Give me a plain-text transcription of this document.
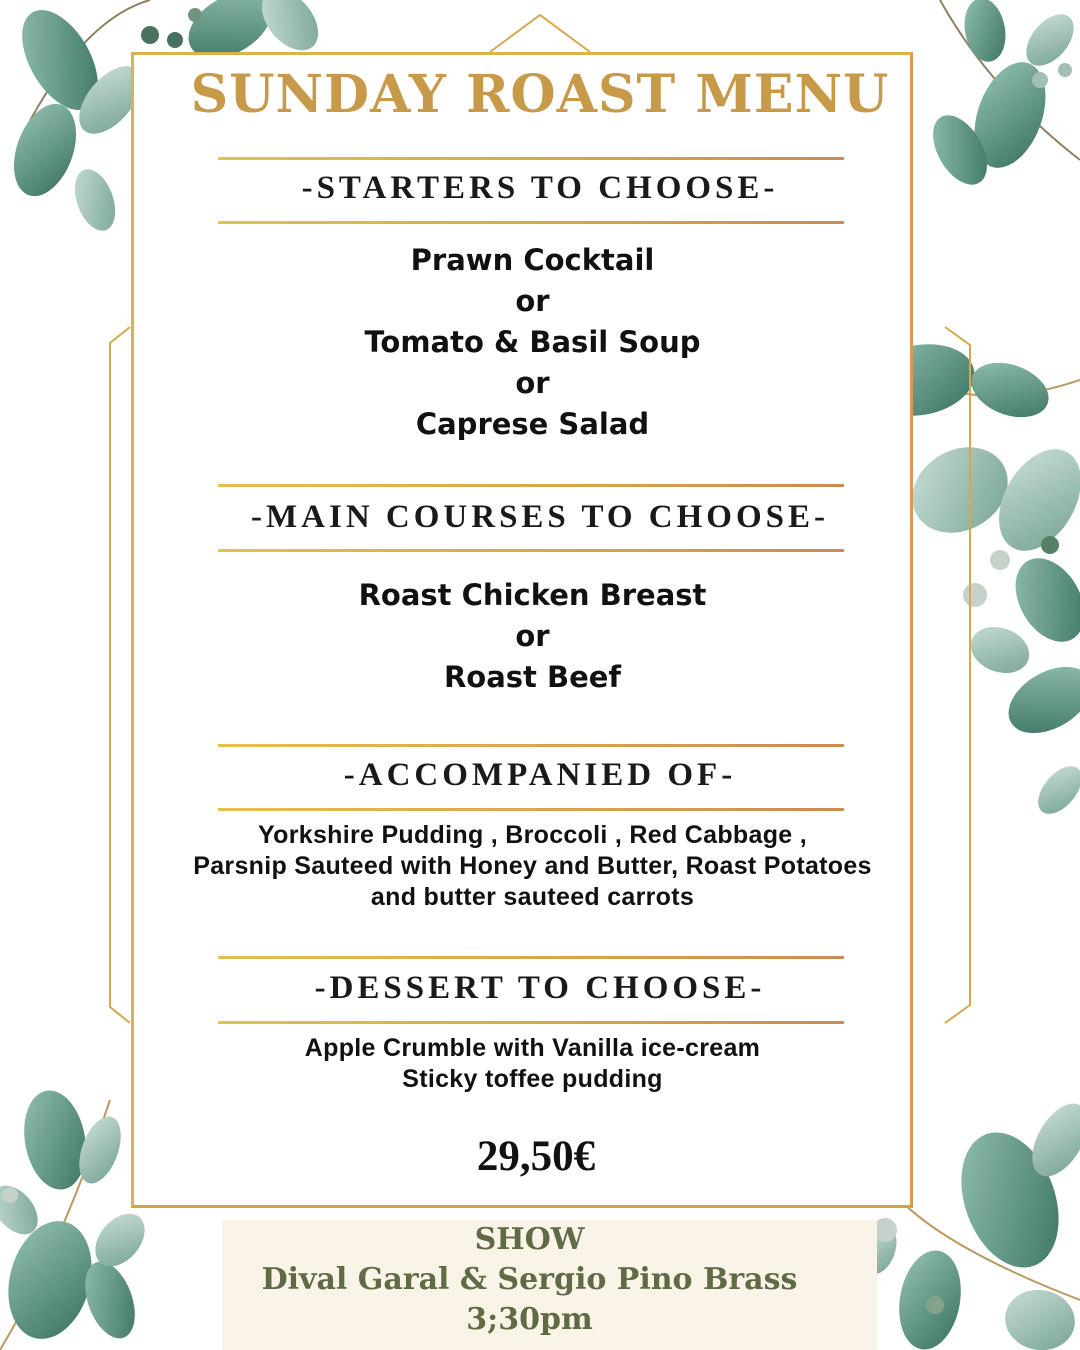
SUNDAY ROAST MENU
-STARTERS TO CHOOSE-
Prawn Cocktail
or
Tomato & Basil Soup
or
Caprese Salad
-MAIN COURSES TO CHOOSE-
Roast Chicken Breast
or
Roast Beef
-ACCOMPANIED OF-
Yorkshire Pudding , Broccoli , Red Cabbage ,
Parsnip Sauteed with Honey and Butter, Roast Potatoes
and butter sauteed carrots
-DESSERT TO CHOOSE-
Apple Crumble with Vanilla ice-cream
Sticky toffee pudding
29,50€
SHOW
Dival Garal & Sergio Pino Brass
3;30pm
